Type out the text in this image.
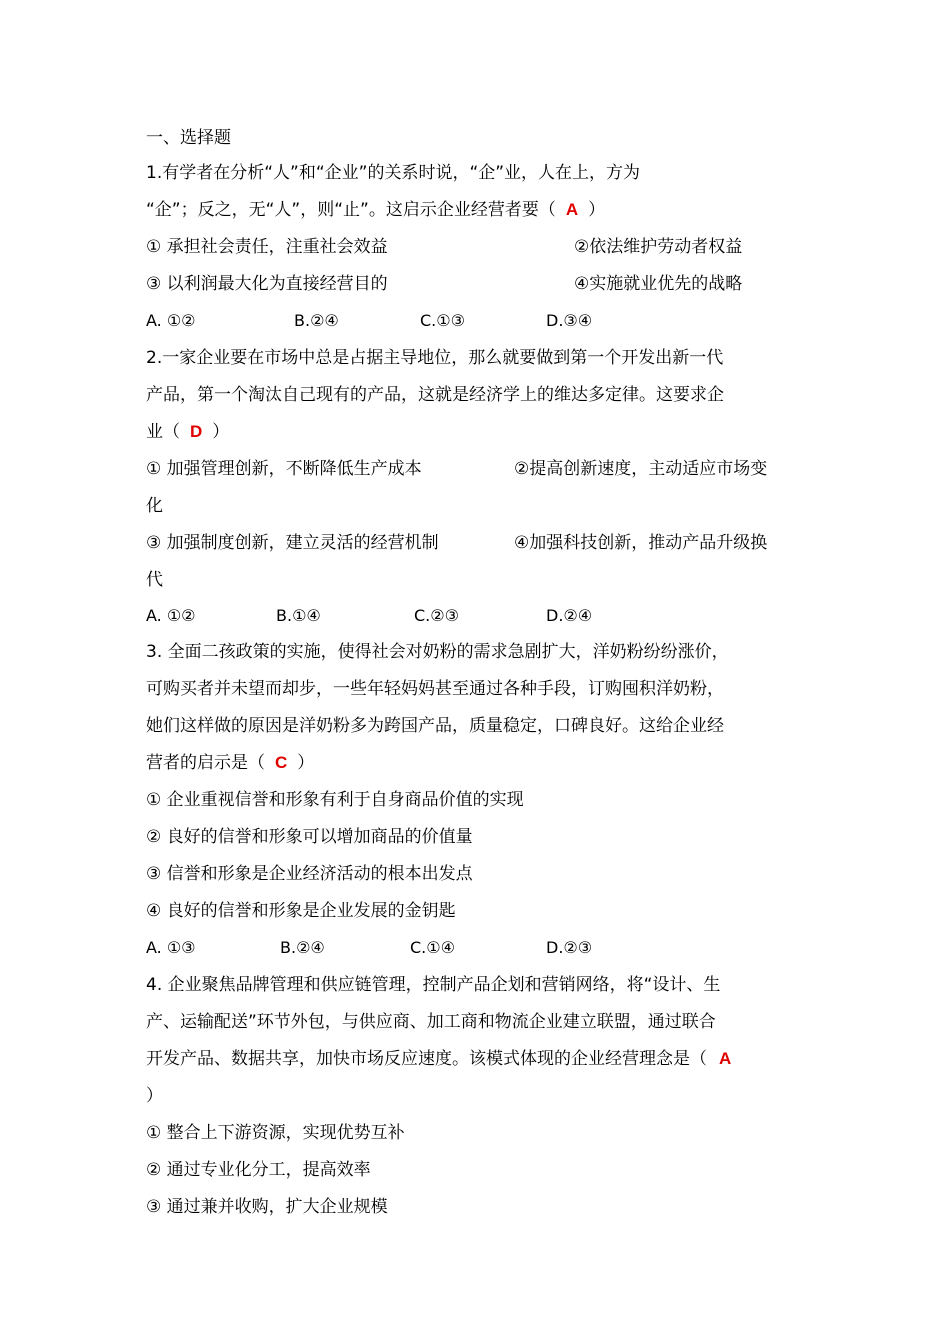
一、选择题
1.有学者在分析“人”和“企业”的关系时说，“企”业，人在上，方为
“企”；反之，无“人”，则“止”。这启示企业经营者要（ A ）
① 承担社会责任，注重社会效益	②依法维护劳动者权益
③ 以利润最大化为直接经营目的	④实施就业优先的战略
A. ①②	B.②④	C.①③	D.③④
2.一家企业要在市场中总是占据主导地位，那么就要做到第一个开发出新一代
产品，第一个淘汰自己现有的产品，这就是经济学上的维达多定律。这要求企
业（ D ）
① 加强管理创新，不断降低生产成本	②提高创新速度，主动适应市场变
化
③ 加强制度创新，建立灵活的经营机制	④加强科技创新，推动产品升级换
代
A. ①②	B.①④	C.②③	D.②④
3. 全面二孩政策的实施，使得社会对奶粉的需求急剧扩大，洋奶粉纷纷涨价，
可购买者并未望而却步，一些年轻妈妈甚至通过各种手段，订购囤积洋奶粉，
她们这样做的原因是洋奶粉多为跨国产品，质量稳定，口碑良好。这给企业经
营者的启示是（ C ）
① 企业重视信誉和形象有利于自身商品价值的实现
② 良好的信誉和形象可以增加商品的价值量
③ 信誉和形象是企业经济活动的根本出发点
④ 良好的信誉和形象是企业发展的金钥匙
A. ①③	B.②④	C.①④	D.②③
4. 企业聚焦品牌管理和供应链管理，控制产品企划和营销网络，将“设计、生
产、运输配送”环节外包，与供应商、加工商和物流企业建立联盟，通过联合
开发产品、数据共享，加快市场反应速度。该模式体现的企业经营理念是（ A
）
① 整合上下游资源，实现优势互补
② 通过专业化分工，提高效率
③ 通过兼并收购，扩大企业规模
